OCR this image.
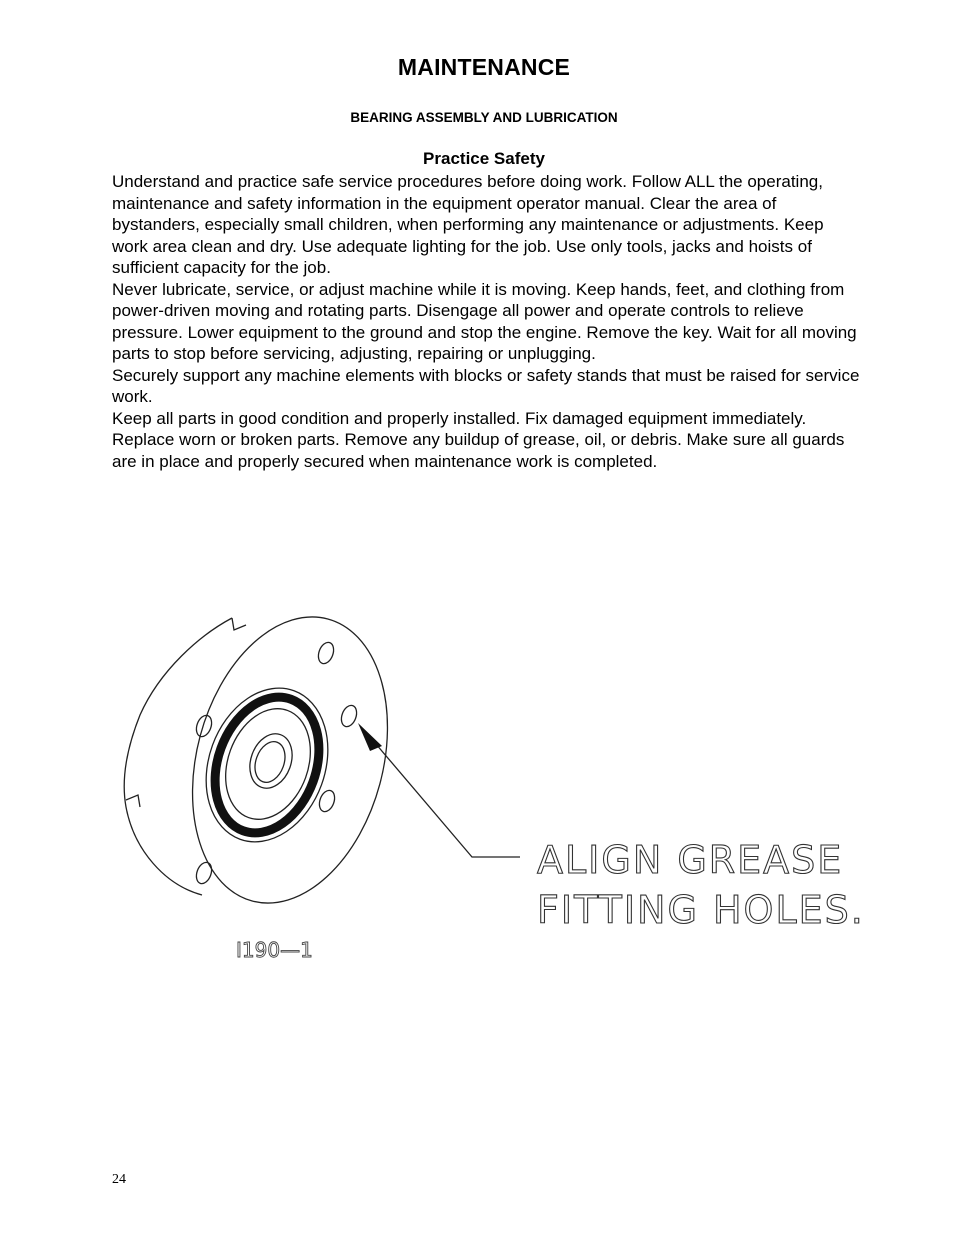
MAINTENANCE
BEARING ASSEMBLY AND LUBRICATION
Practice Safety

Understand and practice safe service procedures before doing work. Follow ALL the operating, maintenance and safety information in the equipment operator manual. Clear the area of bystanders, especially small children, when performing any maintenance or adjustments. Keep work area clean and dry. Use adequate lighting for the job. Use only tools, jacks and hoists of sufficient capacity for the job.

Never lubricate, service, or adjust machine while it is moving. Keep hands, feet, and clothing from power-driven moving and rotating parts. Disengage all power and operate controls to relieve pressure. Lower equipment to the ground and stop the engine. Remove the key. Wait for all moving parts to stop before servicing, adjusting, repairing or unplugging.

Securely support any machine elements with blocks or safety stands that must be raised for service work.

Keep all parts in good condition and properly installed. Fix damaged equipment immediately. Replace worn or broken parts. Remove any buildup of grease, oil, or debris. Make sure all guards are in place and properly secured when maintenance work is completed.

ALIGN GREASE
FITTING HOLES.
I190—1
24
